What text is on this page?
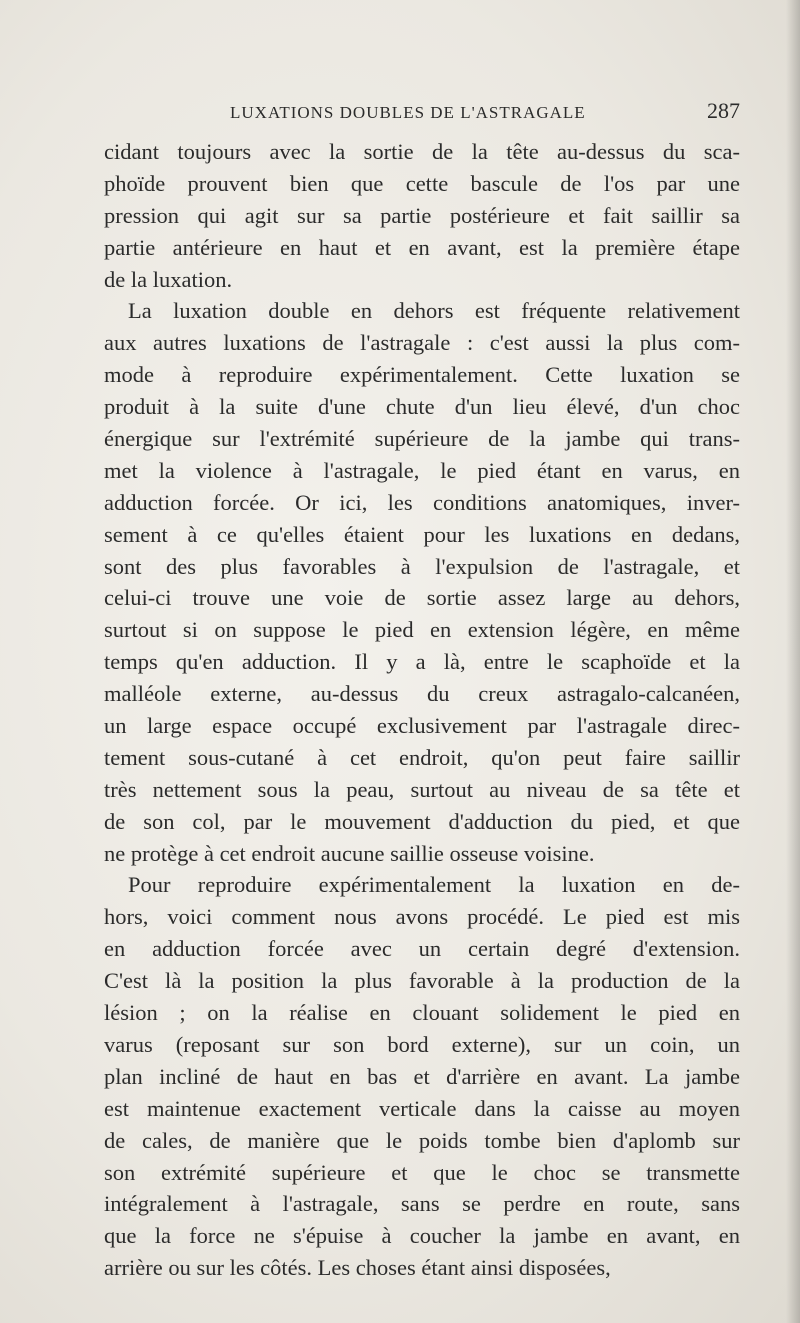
LUXATIONS DOUBLES DE L'ASTRAGALE	287
cidant toujours avec la sortie de la tête au-dessus du sca-
phoïde prouvent bien que cette bascule de l'os par une
pression qui agit sur sa partie postérieure et fait saillir sa
partie antérieure en haut et en avant, est la première étape
de la luxation.
La luxation double en dehors est fréquente relativement
aux autres luxations de l'astragale : c'est aussi la plus com-
mode à reproduire expérimentalement. Cette luxation se
produit à la suite d'une chute d'un lieu élevé, d'un choc
énergique sur l'extrémité supérieure de la jambe qui trans-
met la violence à l'astragale, le pied étant en varus, en
adduction forcée. Or ici, les conditions anatomiques, inver-
sement à ce qu'elles étaient pour les luxations en dedans,
sont des plus favorables à l'expulsion de l'astragale, et
celui-ci trouve une voie de sortie assez large au dehors,
surtout si on suppose le pied en extension légère, en même
temps qu'en adduction. Il y a là, entre le scaphoïde et la
malléole externe, au-dessus du creux astragalo-calcanéen,
un large espace occupé exclusivement par l'astragale direc-
tement sous-cutané à cet endroit, qu'on peut faire saillir
très nettement sous la peau, surtout au niveau de sa tête et
de son col, par le mouvement d'adduction du pied, et que
ne protège à cet endroit aucune saillie osseuse voisine.
Pour reproduire expérimentalement la luxation en de-
hors, voici comment nous avons procédé. Le pied est mis
en adduction forcée avec un certain degré d'extension.
C'est là la position la plus favorable à la production de la
lésion ; on la réalise en clouant solidement le pied en
varus (reposant sur son bord externe), sur un coin, un
plan incliné de haut en bas et d'arrière en avant. La jambe
est maintenue exactement verticale dans la caisse au moyen
de cales, de manière que le poids tombe bien d'aplomb sur
son extrémité supérieure et que le choc se transmette
intégralement à l'astragale, sans se perdre en route, sans
que la force ne s'épuise à coucher la jambe en avant, en
arrière ou sur les côtés. Les choses étant ainsi disposées,
